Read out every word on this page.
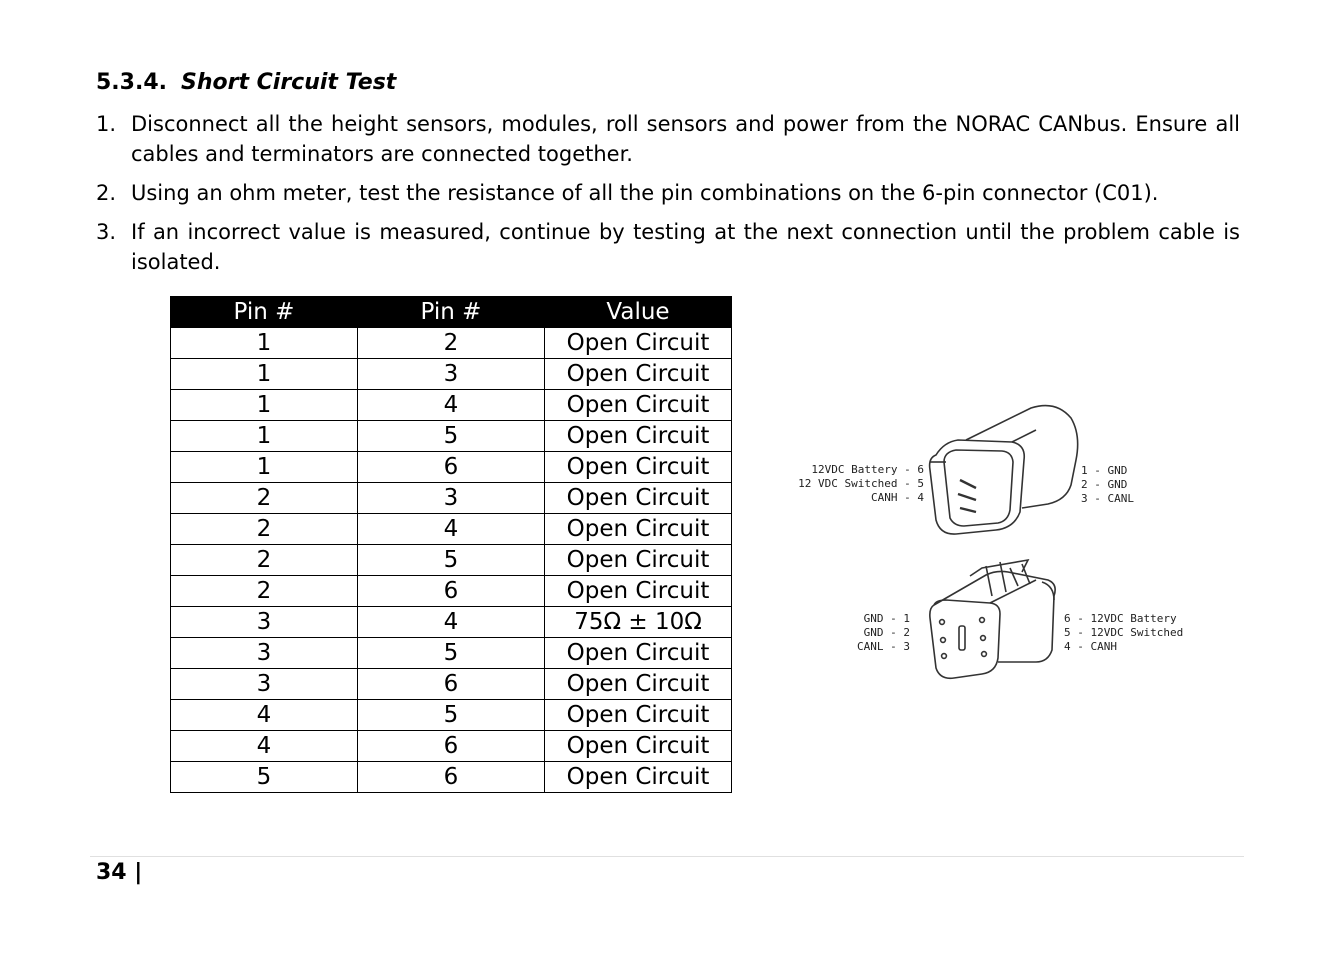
5.3.4. Short Circuit Test
1. Disconnect all the height sensors, modules, roll sensors and power from the NORAC CANbus. Ensure all cables and terminators are connected together.
2. Using an ohm meter, test the resistance of all the pin combinations on the 6-pin connector (C01).
3. If an incorrect value is measured, continue by testing at the next connection until the problem cable is isolated.
Pin #	Pin #	Value
1	2	Open Circuit
1	3	Open Circuit
1	4	Open Circuit
1	5	Open Circuit
1	6	Open Circuit
2	3	Open Circuit
2	4	Open Circuit
2	5	Open Circuit
2	6	Open Circuit
3	4	75Ω ± 10Ω
3	5	Open Circuit
3	6	Open Circuit
4	5	Open Circuit
4	6	Open Circuit
5	6	Open Circuit
12VDC Battery - 6
12 VDC Switched - 5
CANH - 4
1 - GND
2 - GND
3 - CANL
GND - 1
GND - 2
CANL - 3
6 - 12VDC Battery
5 - 12VDC Switched
4 - CANH
34 |
